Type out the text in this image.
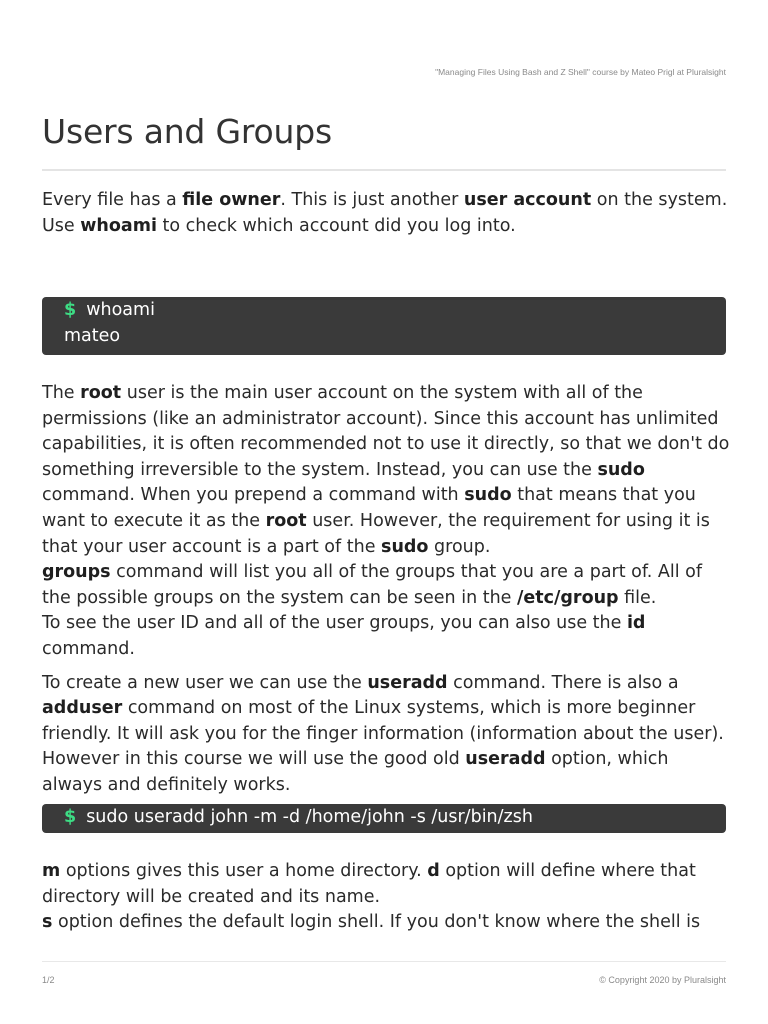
"Managing Files Using Bash and Z Shell" course by Mateo Prigl at Pluralsight
Users and Groups

Every file has a file owner. This is just another user account on the system.
Use whoami to check which account did you log into.

$ whoami
mateo

The root user is the main user account on the system with all of the permissions (like an administrator account). Since this account has unlimited capabilities, it is often recommended not to use it directly, so that we don't do something irreversible to the system. Instead, you can use the sudo command. When you prepend a command with sudo that means that you want to execute it as the root user. However, the requirement for using it is that your user account is a part of the sudo group.

groups command will list you all of the groups that you are a part of. All of the possible groups on the system can be seen in the /etc/group file.

To see the user ID and all of the user groups, you can also use the id command.

To create a new user we can use the useradd command. There is also a adduser command on most of the Linux systems, which is more beginner friendly. It will ask you for the finger information (information about the user). However in this course we will use the good old useradd option, which always and definitely works.

$ sudo useradd john -m -d /home/john -s /usr/bin/zsh

m options gives this user a home directory. d option will define where that directory will be created and its name.

s option defines the default login shell. If you don't know where the shell is

1/2	© Copyright 2020 by Pluralsight
